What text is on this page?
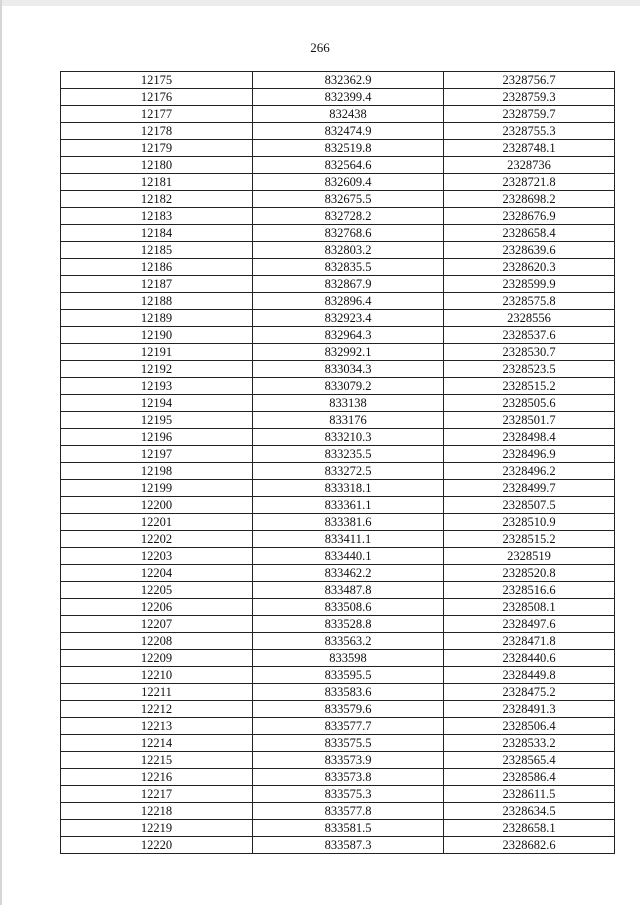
266
12175	832362.9	2328756.7
12176	832399.4	2328759.3
12177	832438	2328759.7
12178	832474.9	2328755.3
12179	832519.8	2328748.1
12180	832564.6	2328736
12181	832609.4	2328721.8
12182	832675.5	2328698.2
12183	832728.2	2328676.9
12184	832768.6	2328658.4
12185	832803.2	2328639.6
12186	832835.5	2328620.3
12187	832867.9	2328599.9
12188	832896.4	2328575.8
12189	832923.4	2328556
12190	832964.3	2328537.6
12191	832992.1	2328530.7
12192	833034.3	2328523.5
12193	833079.2	2328515.2
12194	833138	2328505.6
12195	833176	2328501.7
12196	833210.3	2328498.4
12197	833235.5	2328496.9
12198	833272.5	2328496.2
12199	833318.1	2328499.7
12200	833361.1	2328507.5
12201	833381.6	2328510.9
12202	833411.1	2328515.2
12203	833440.1	2328519
12204	833462.2	2328520.8
12205	833487.8	2328516.6
12206	833508.6	2328508.1
12207	833528.8	2328497.6
12208	833563.2	2328471.8
12209	833598	2328440.6
12210	833595.5	2328449.8
12211	833583.6	2328475.2
12212	833579.6	2328491.3
12213	833577.7	2328506.4
12214	833575.5	2328533.2
12215	833573.9	2328565.4
12216	833573.8	2328586.4
12217	833575.3	2328611.5
12218	833577.8	2328634.5
12219	833581.5	2328658.1
12220	833587.3	2328682.6
